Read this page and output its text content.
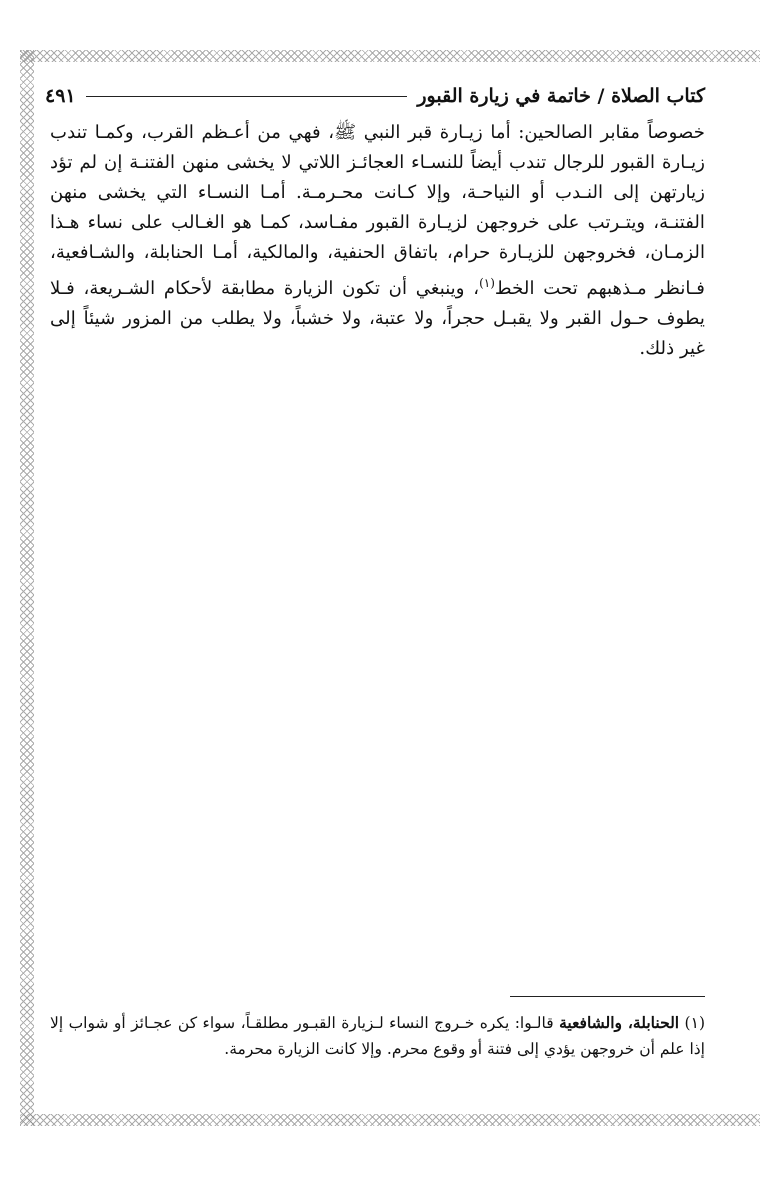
كتاب الصلاة / خاتمة في زيارة القبور
٤٩١

خصوصاً مقابر الصالحين: أما زيـارة قبر النبي ﷺ، فهي من أعـظم القرب، وكمـا تندب زيـارة القبور للرجال تندب أيضاً للنسـاء العجائـز اللاتي لا يخشى منهن الفتنـة إن لم تؤد زيارتهن إلى النـدب أو النياحـة، وإلا كـانت محـرمـة. أمـا النسـاء التي يخشى منهن الفتنـة، ويتـرتب على خروجهن لزيـارة القبور مفـاسد، كمـا هو الغـالب على نساء هـذا الزمـان، فخروجهن للزيـارة حرام، باتفاق الحنفية، والمالكية، أمـا الحنابلة، والشـافعية، فـانظر مـذهبهم تحت الخط$^{(١)}$، وينبغي أن تكون الزيارة مطابقة لأحكام الشـريعة، فـلا يطوف حـول القبر ولا يقبـل حجراً، ولا عتبة، ولا خشباً، ولا يطلب من المزور شيئاً إلى غير ذلك.

(١) الحنابلة، والشافعية قالـوا: يكره خـروج النساء لـزيارة القبـور مطلقـاً، سواء كن عجـائز أو شواب إلا إذا علم أن خروجهن يؤدي إلى فتنة أو وقوع محرم. وإلا كانت الزيارة محرمة.
